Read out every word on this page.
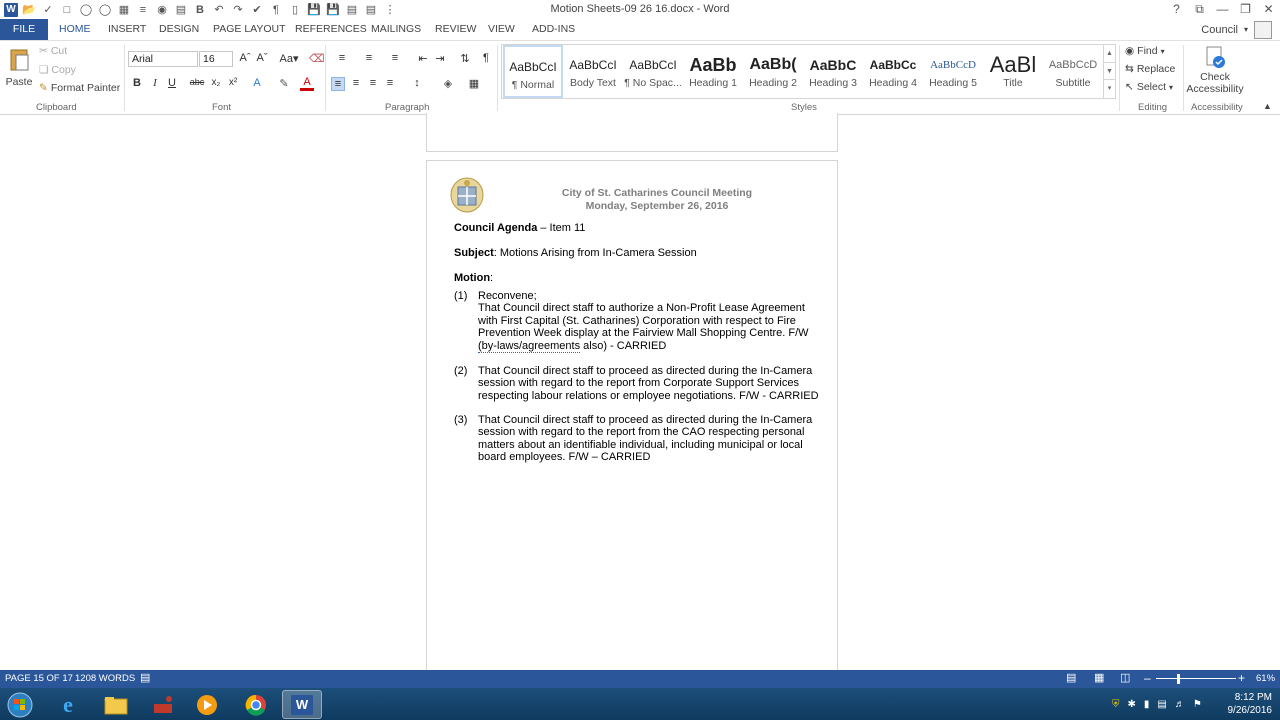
W 📂 ✓	□ ◯ ◯ ▦ ≡ ◉ ▤ B ↶ ↷ ✔	¶	▯ 💾 💾 ▤ ▤ ⋮	Motion Sheets-09 26 16.docx - Word	?	⧉	— ❐	✕
FILE	HOME INSERT DESIGN PAGE LAYOUT REFERENCES MAILINGS REVIEW VIEW ADD-INS	Council ▾
Paste
✂ Cut
❏ Copy
✎ Format Painter
Clipboard
Arial	16	Aˆ Aˇ Aa▾ ⌫
B	I	U	abc x₂ x²	A	✎	A
Font
≡	≡	≡	⇤ ⇥ ⇅	¶
≡	≡ ≡ ≡	↕	◈	▦
Paragraph
AaBbCcI
¶ Normal
AaBbCcI
Body Text
AaBbCcI
¶ No Spac...
AaBb
Heading 1
AaBb(
Heading 2
AaBbC
Heading 3
AaBbCc
Heading 4
AaBbCcD
Heading 5
AaBl
Title
AaBbCcD
Subtitle
▲
▼
▾
Styles
◉ Find ▾
⇆ Replace
↖ Select ▾
Editing
Check Accessibility
Accessibility ▲
City of St. Catharines Council Meeting
Monday, September 26, 2016
Council Agenda – Item 11
Subject: Motions Arising from In-Camera Session
Motion:
(1) Reconvene;
That Council direct staff to authorize a Non-Profit Lease Agreement
with First Capital (St. Catharines) Corporation with respect to Fire
Prevention Week display at the Fairview Mall Shopping Centre. F/W
(by-laws/agreements also) - CARRIED
(2) That Council direct staff to proceed as directed during the In-Camera
session with regard to the report from Corporate Support Services
respecting labour relations or employee negotiations. F/W - CARRIED
(3) That Council direct staff to proceed as directed during the In-Camera
session with regard to the report from the CAO respecting personal
matters about an identifiable individual, including municipal or local
board employees. F/W – CARRIED
PAGE 15 OF 17 1208 WORDS ▤	▤ ▦ ◫ –	+ 61%
e	W	⛨ ✱ ▮ ▤ ♬ ⚑
8:12 PM
9/26/2016
